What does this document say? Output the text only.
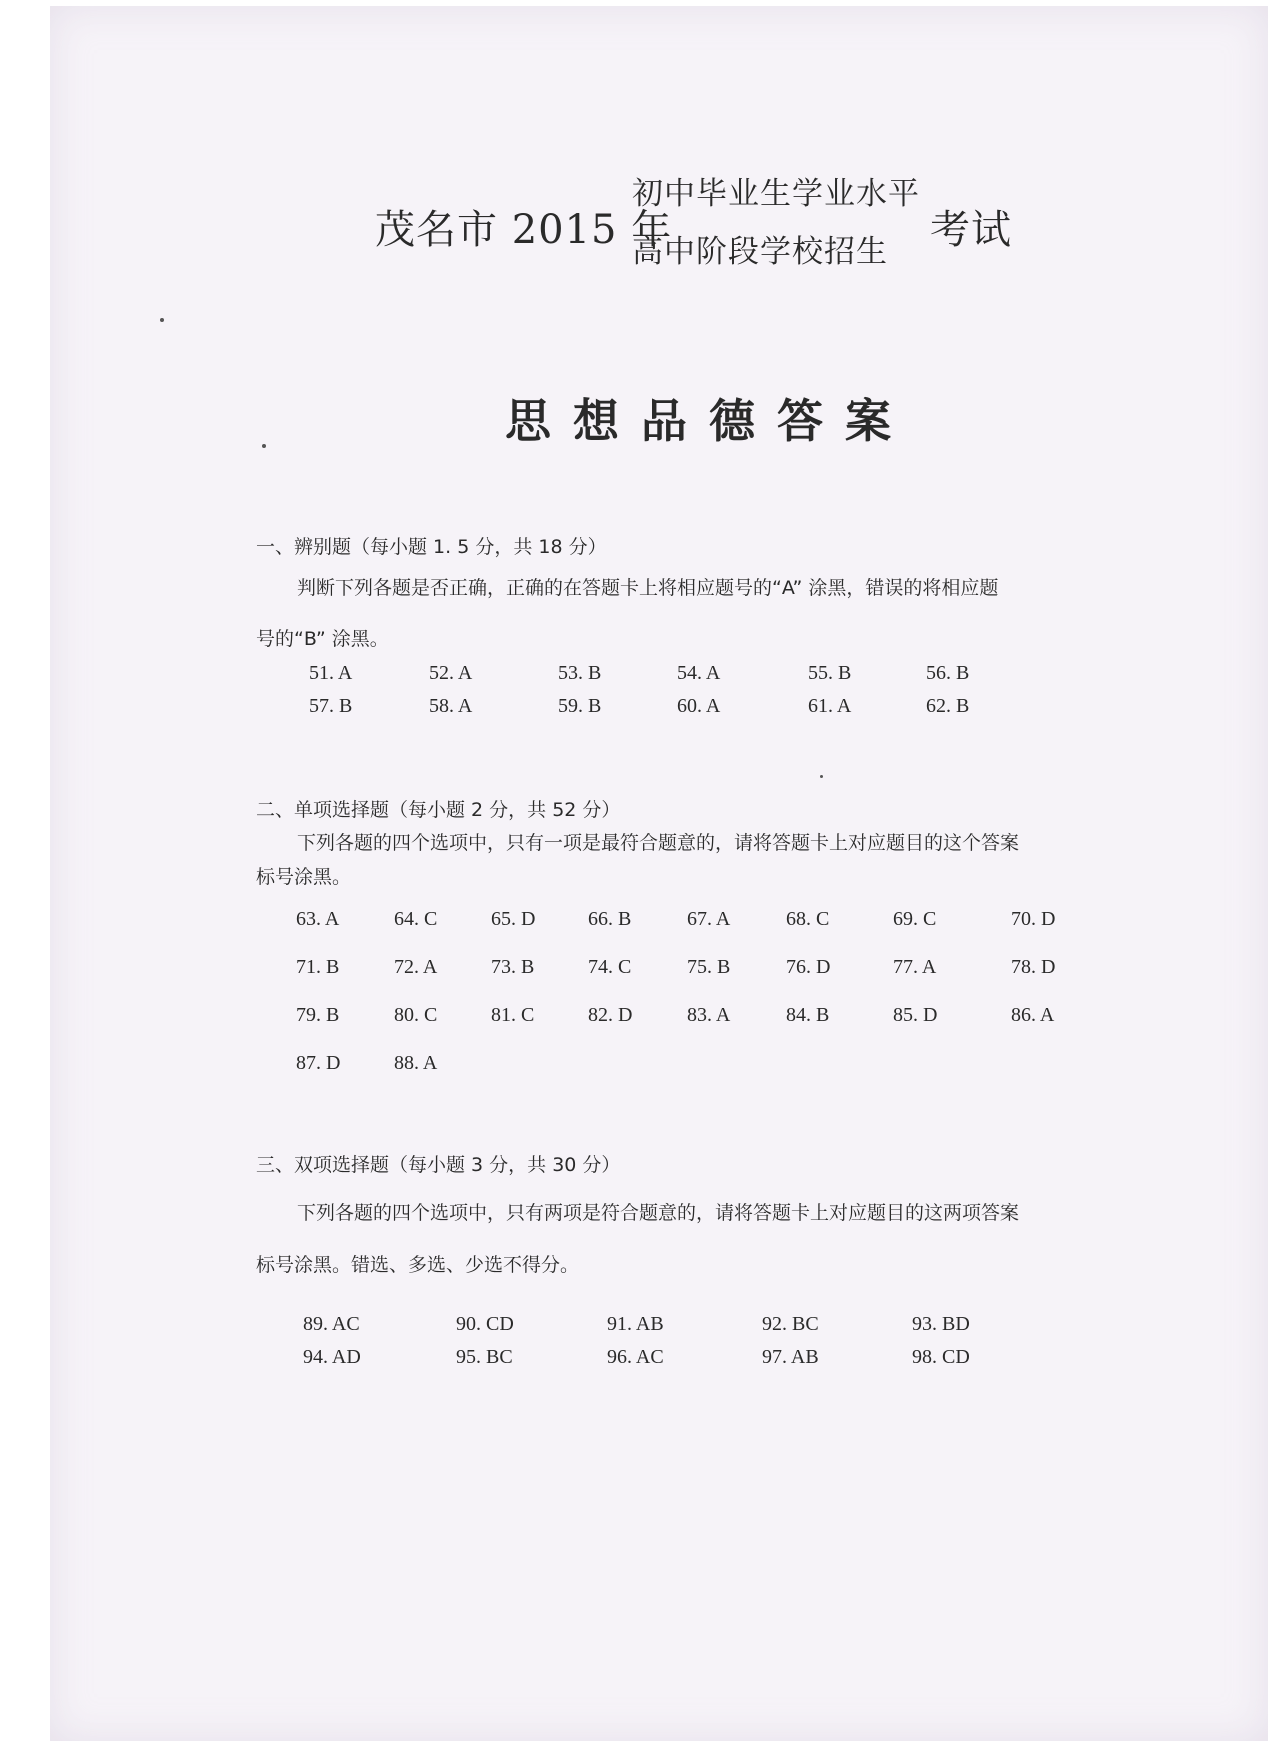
茂名市 2015 年
初中毕业生学业水平
高中阶段学校招生 考试
思想品德答案
一、辨别题（每小题 1. 5 分，共 18 分）
判断下列各题是否正确，正确的在答题卡上将相应题号的“A” 涂黑，错误的将相应题
号的“B” 涂黑。
51. A	52. A	53. B	54. A	55. B	56. B
57. B	58. A	59. B	60. A	61. A	62. B
二、单项选择题（每小题 2 分，共 52 分）
下列各题的四个选项中，只有一项是最符合题意的，请将答题卡上对应题目的这个答案
标号涂黑。
63. A	64. C	65. D	66. B	67. A	68. C	69. C	70. D
71. B	72. A	73. B	74. C	75. B	76. D	77. A	78. D
79. B	80. C	81. C	82. D	83. A	84. B	85. D	86. A
87. D	88. A
三、双项选择题（每小题 3 分，共 30 分）
下列各题的四个选项中，只有两项是符合题意的，请将答题卡上对应题目的这两项答案
标号涂黑。错选、多选、少选不得分。
89. AC	90. CD	91. AB	92. BC	93. BD
94. AD	95. BC	96. AC	97. AB	98. CD
